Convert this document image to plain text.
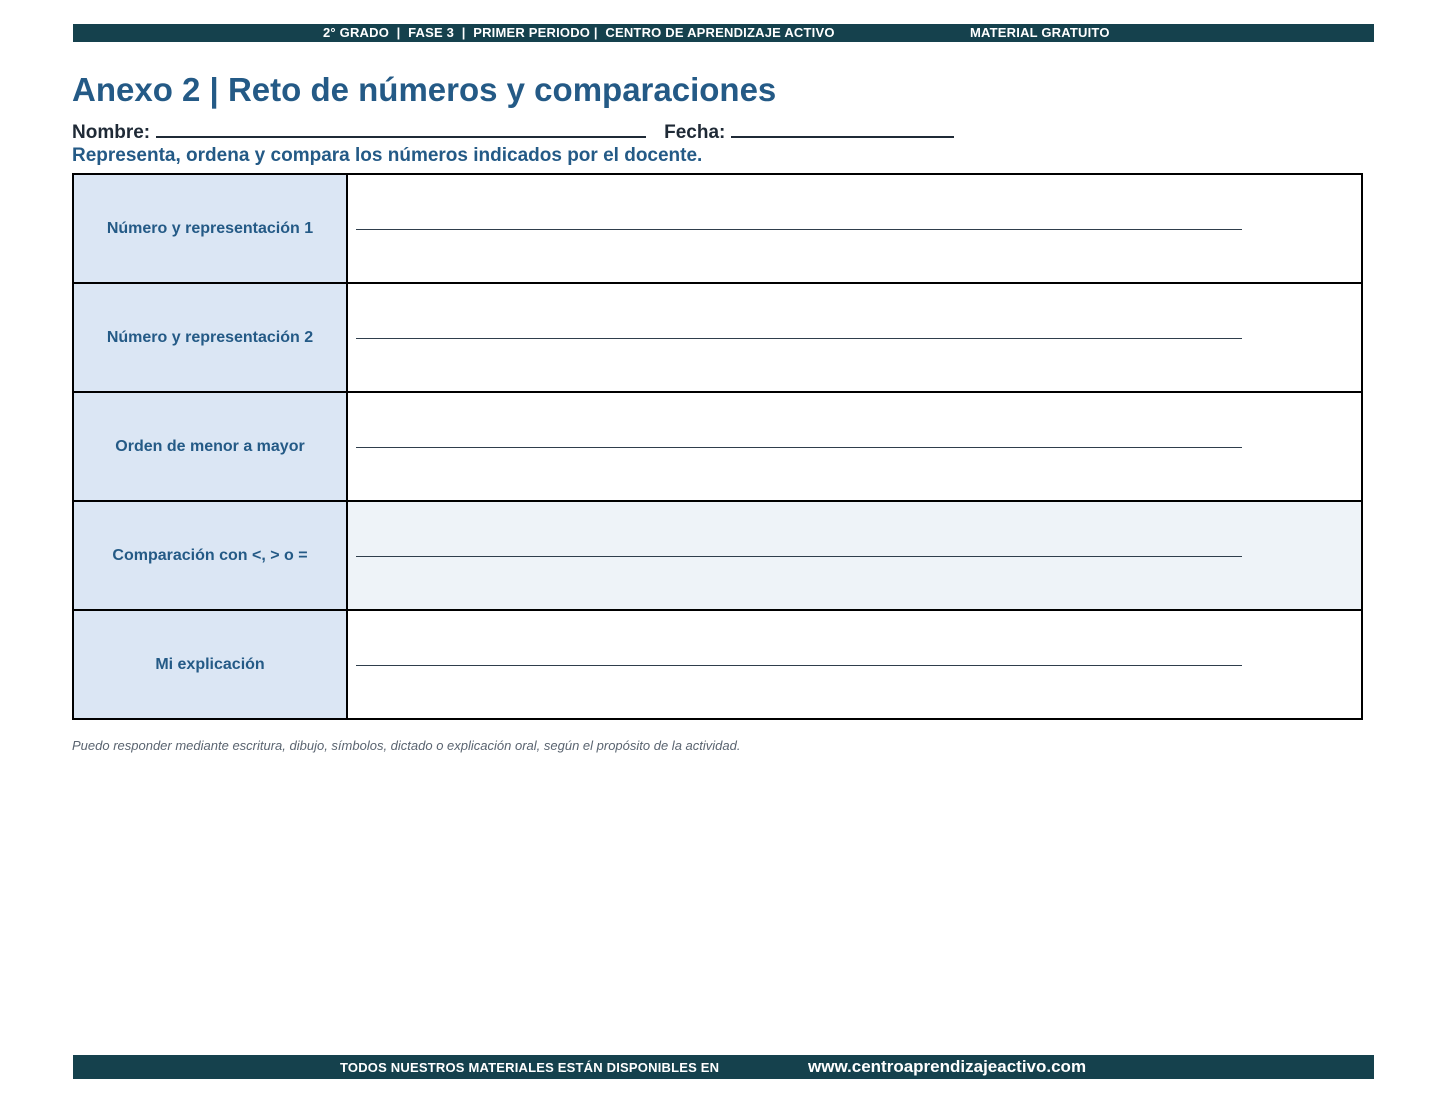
2° GRADO  |  FASE 3  |  PRIMER PERIODO |  CENTRO DE APRENDIZAJE ACTIVO	MATERIAL GRATUITO
Anexo 2 | Reto de números y comparaciones
Nombre:	Fecha:
Representa, ordena y compara los números indicados por el docente.
Número y representación 1	

Número y representación 2	

Orden de menor a mayor	

Comparación con <, > o =	

Mi explicación	
Puedo responder mediante escritura, dibujo, símbolos, dictado o explicación oral, según el propósito de la actividad.
TODOS NUESTROS MATERIALES ESTÁN DISPONIBLES EN	www.centroaprendizajeactivo.com
